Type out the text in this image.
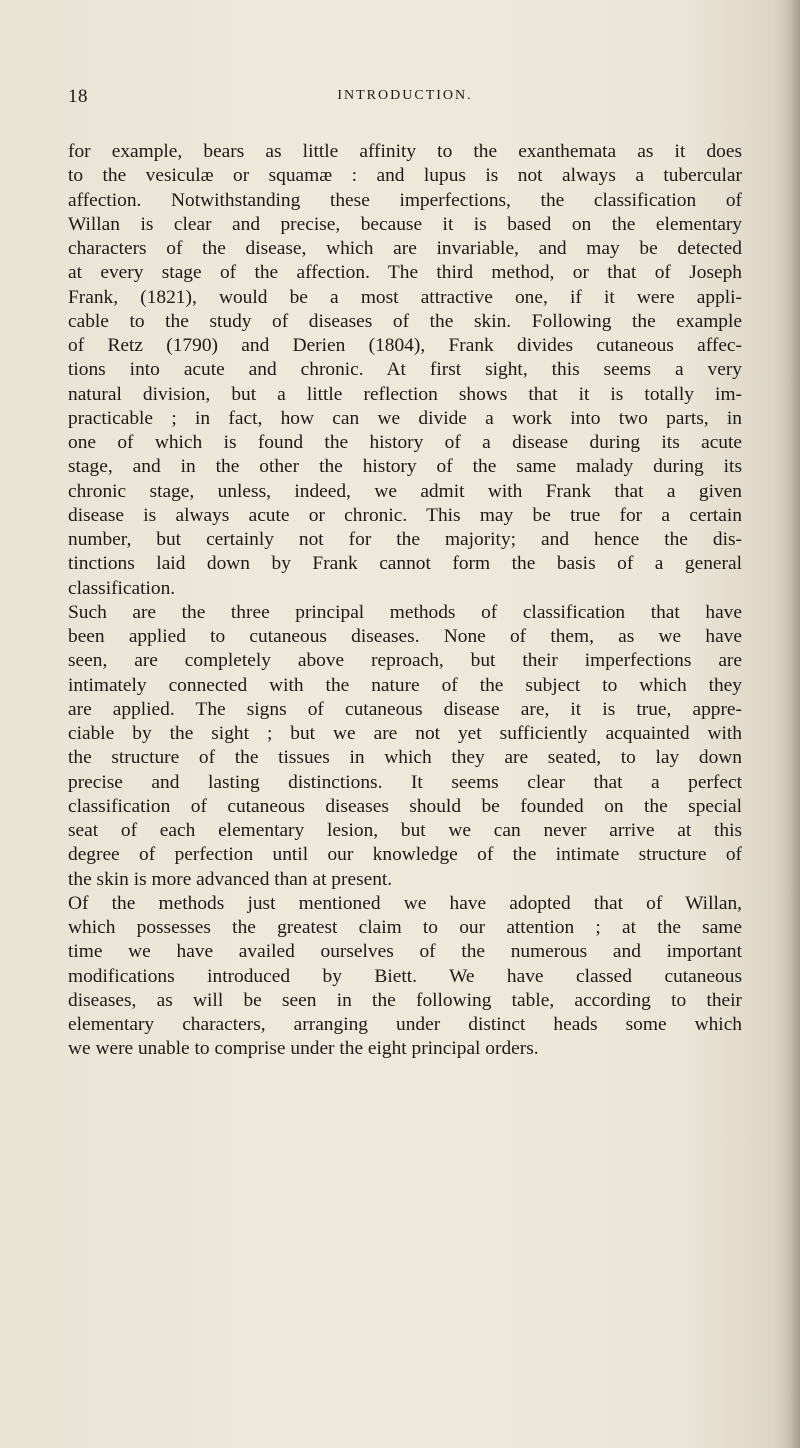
18	INTRODUCTION.
for example, bears as little affinity to the exanthemata as it does
to the vesiculæ or squamæ : and lupus is not always a tubercular
affection. Notwithstanding these imperfections, the classification of
Willan is clear and precise, because it is based on the elementary
characters of the disease, which are invariable, and may be detected
at every stage of the affection. The third method, or that of Joseph
Frank, (1821), would be a most attractive one, if it were appli-
cable to the study of diseases of the skin. Following the example
of Retz (1790) and Derien (1804), Frank divides cutaneous affec-
tions into acute and chronic. At first sight, this seems a very
natural division, but a little reflection shows that it is totally im-
practicable ; in fact, how can we divide a work into two parts, in
one of which is found the history of a disease during its acute
stage, and in the other the history of the same malady during its
chronic stage, unless, indeed, we admit with Frank that a given
disease is always acute or chronic. This may be true for a certain
number, but certainly not for the majority; and hence the dis-
tinctions laid down by Frank cannot form the basis of a general
classification.
Such are the three principal methods of classification that have
been applied to cutaneous diseases. None of them, as we have
seen, are completely above reproach, but their imperfections are
intimately connected with the nature of the subject to which they
are applied. The signs of cutaneous disease are, it is true, appre-
ciable by the sight ; but we are not yet sufficiently acquainted with
the structure of the tissues in which they are seated, to lay down
precise and lasting distinctions. It seems clear that a perfect
classification of cutaneous diseases should be founded on the special
seat of each elementary lesion, but we can never arrive at this
degree of perfection until our knowledge of the intimate structure of
the skin is more advanced than at present.
Of the methods just mentioned we have adopted that of Willan,
which possesses the greatest claim to our attention ; at the same
time we have availed ourselves of the numerous and important
modifications introduced by Biett. We have classed cutaneous
diseases, as will be seen in the following table, according to their
elementary characters, arranging under distinct heads some which
we were unable to comprise under the eight principal orders.
